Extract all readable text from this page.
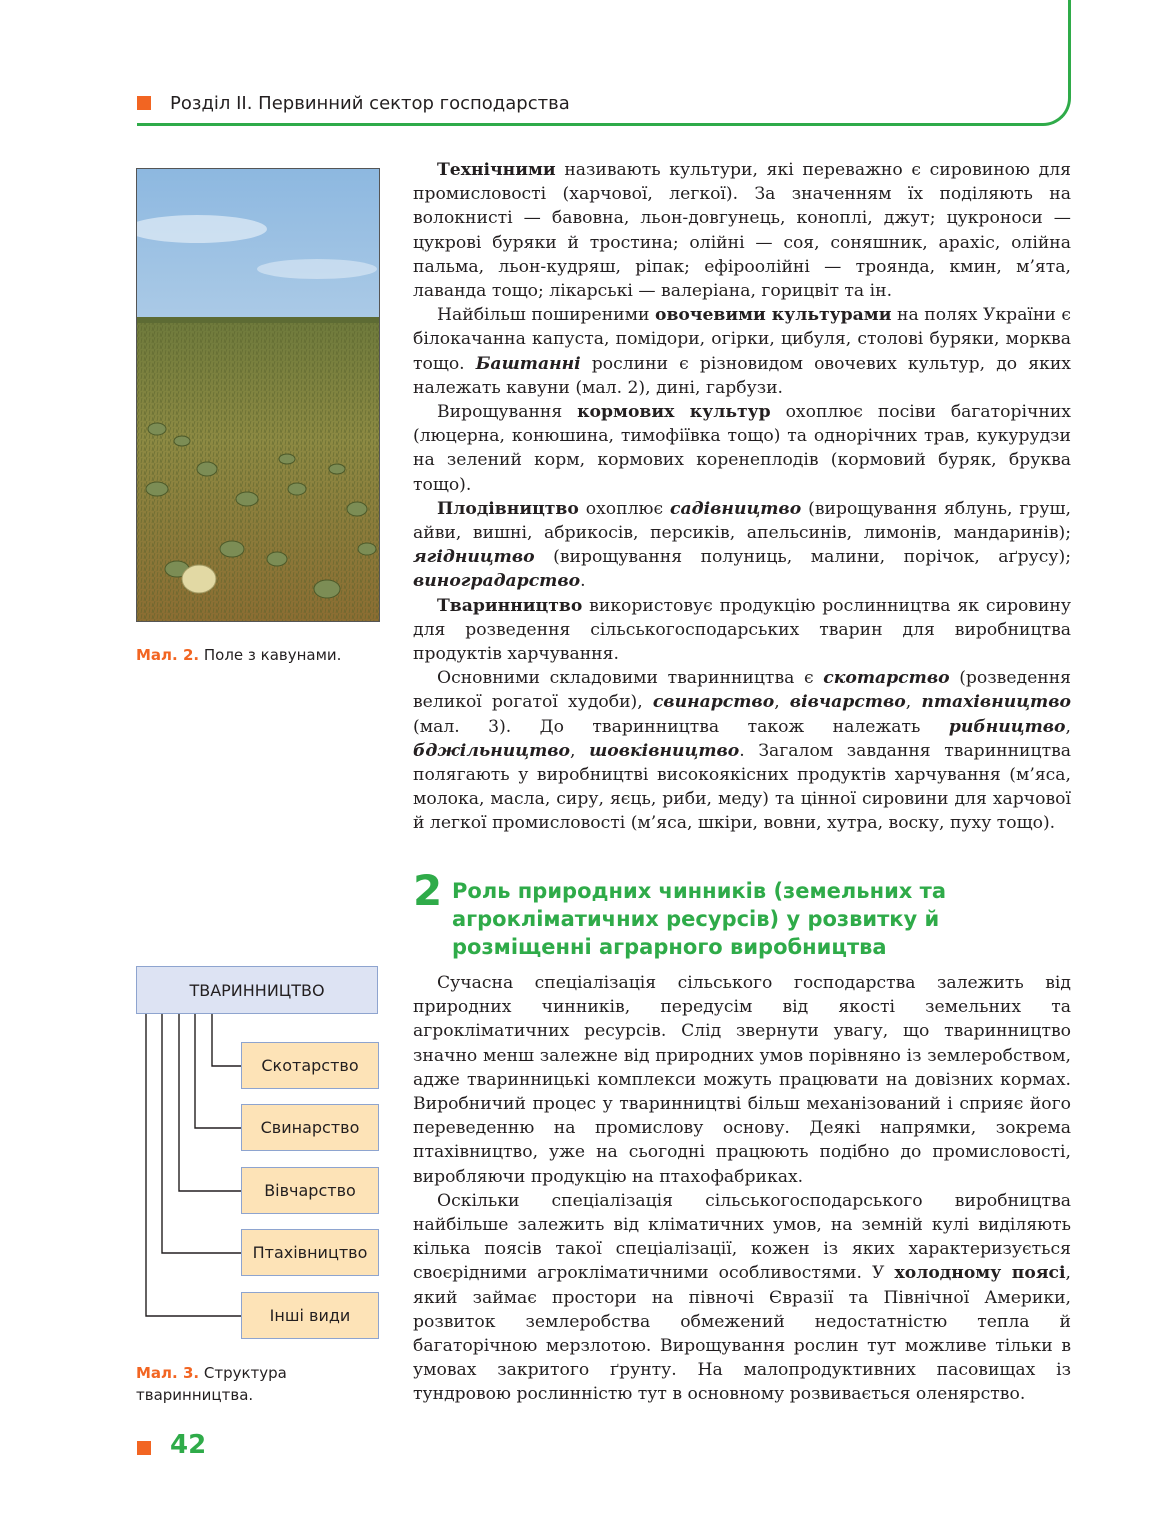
Розділ ІІ. Первинний сектор господарства
Мал. 2. Поле з кавунами.

Технічними називають культури, які переважно є сировиною для промисловості (харчової, легкої). За значенням їх поділяють на волокнисті — бавовна, льон-довгунець, коноплі, джут; цукроноси — цукрові буряки й тростина; олійні — соя, соняшник, арахіс, олійна пальма, льон-кудряш, ріпак; ефіроолійні — троянда, кмин, м’ята, лаванда тощо; лікарські — валеріана, горицвіт та ін.

Найбільш поширеними овочевими культурами на полях України є білокачанна капуста, помідори, огірки, цибуля, столові буряки, морква тощо. Баштанні рослини є різновидом овочевих культур, до яких належать кавуни (мал. 2), дині, гарбузи.

Вирощування кормових культур охоплює посіви багаторічних (люцерна, конюшина, тимофіївка тощо) та однорічних трав, кукурудзи на зелений корм, кормових коренеплодів (кормовий буряк, бруква тощо).

Плодівництво охоплює садівництво (вирощування яблунь, груш, айви, вишні, абрикосів, персиків, апельсинів, лимонів, мандаринів); ягідництво (вирощування полуниць, малини, порічок, аґрусу); виноградарство.

Тваринництво використовує продукцію рослинництва як сировину для розведення сільськогосподарських тварин для виробництва продуктів харчування.

Основними складовими тваринництва є скотарство (розведення великої рогатої худоби), свинарство, вівчарство, птахівництво (мал. 3). До тваринництва також належать рибництво, бджільництво, шовківництво. Загалом завдання тваринництва полягають у виробництві високоякісних продуктів харчування (м’яса, молока, масла, сиру, яєць, риби, меду) та цінної сировини для харчової й легкої промисловості (м’яса, шкіри, вовни, хутра, воску, пуху тощо).

2 Роль природних чинників (земельних та агрокліматичних ресурсів) у розвитку й розміщенні аграрного виробництва

Сучасна спеціалізація сільського господарства залежить від природних чинників, передусім від якості земельних та агрокліматичних ресурсів. Слід звернути увагу, що тваринництво значно менш залежне від природних умов порівняно із землеробством, адже тваринницькі комплекси можуть працювати на довізних кормах. Виробничий процес у тваринництві більш механізований і сприяє його переведенню на промислову основу. Деякі напрямки, зокрема птахівництво, уже на сьогодні працюють подібно до промисловості, виробляючи продукцію на птахофабриках.

Оскільки спеціалізація сільськогосподарського виробництва найбільше залежить від кліматичних умов, на земній кулі виділяють кілька поясів такої спеціалізації, кожен із яких характеризується своєрідними агрокліматичними особливостями. У холодному поясі, який займає простори на півночі Євразії та Північної Америки, розвиток землеробства обмежений недостатністю тепла й багаторічною мерзлотою. Вирощування рослин тут можливе тільки в умовах закритого ґрунту. На малопродуктивних пасовищах із тундровою рослинністю тут в основному розвивається оленярство.

ТВАРИННИЦТВО
Скотарство
Свинарство
Вівчарство
Птахівництво
Інші види
Мал. 3. Структура тваринництва.
42
